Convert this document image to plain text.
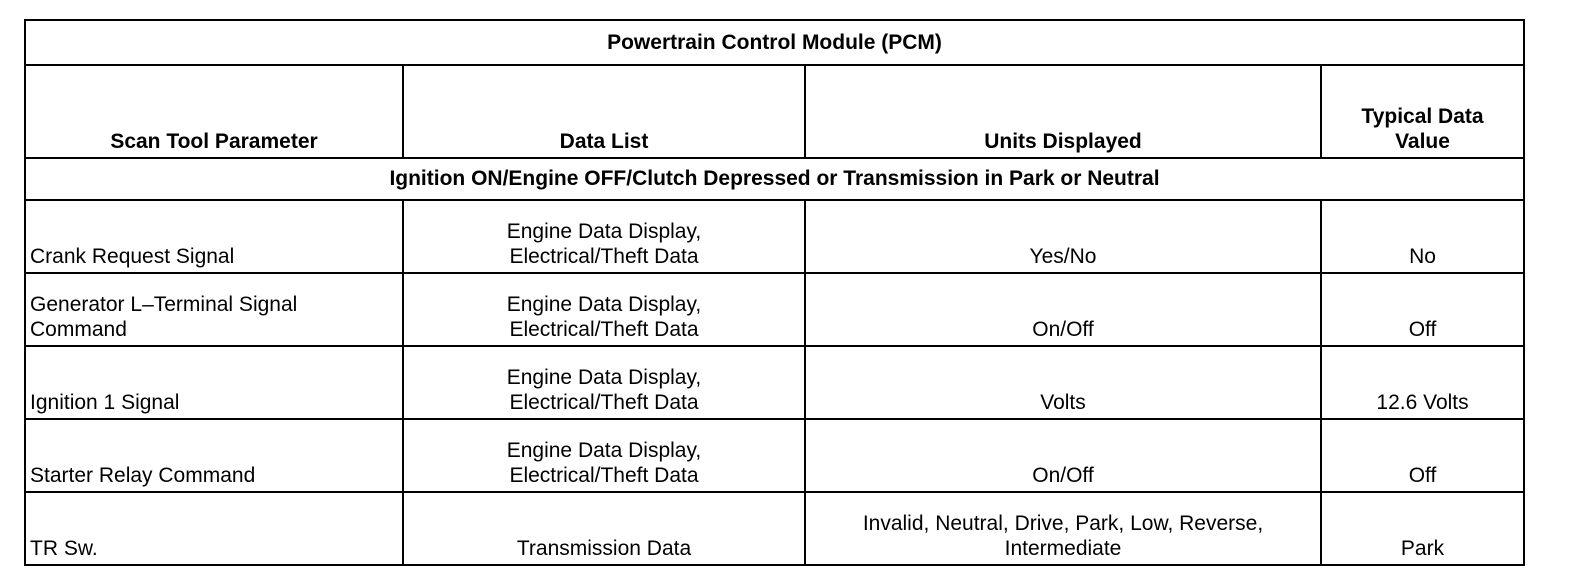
Powertrain Control Module (PCM)			
Scan Tool Parameter	Data List	Units Displayed	Typical Data
Value

Ignition ON/Engine OFF/Clutch Depressed or Transmission in Park or Neutral			

Crank Request Signal	Engine Data Display,
Electrical/Theft Data	Yes/No	No

Generator L–Terminal Signal
Command	Engine Data Display,
Electrical/Theft Data	On/Off	Off

Ignition 1 Signal	Engine Data Display,
Electrical/Theft Data	Volts	12.6 Volts

Starter Relay Command	Engine Data Display,
Electrical/Theft Data	On/Off	Off

TR Sw.	Transmission Data	Invalid, Neutral, Drive, Park, Low, Reverse,
Intermediate	Park
